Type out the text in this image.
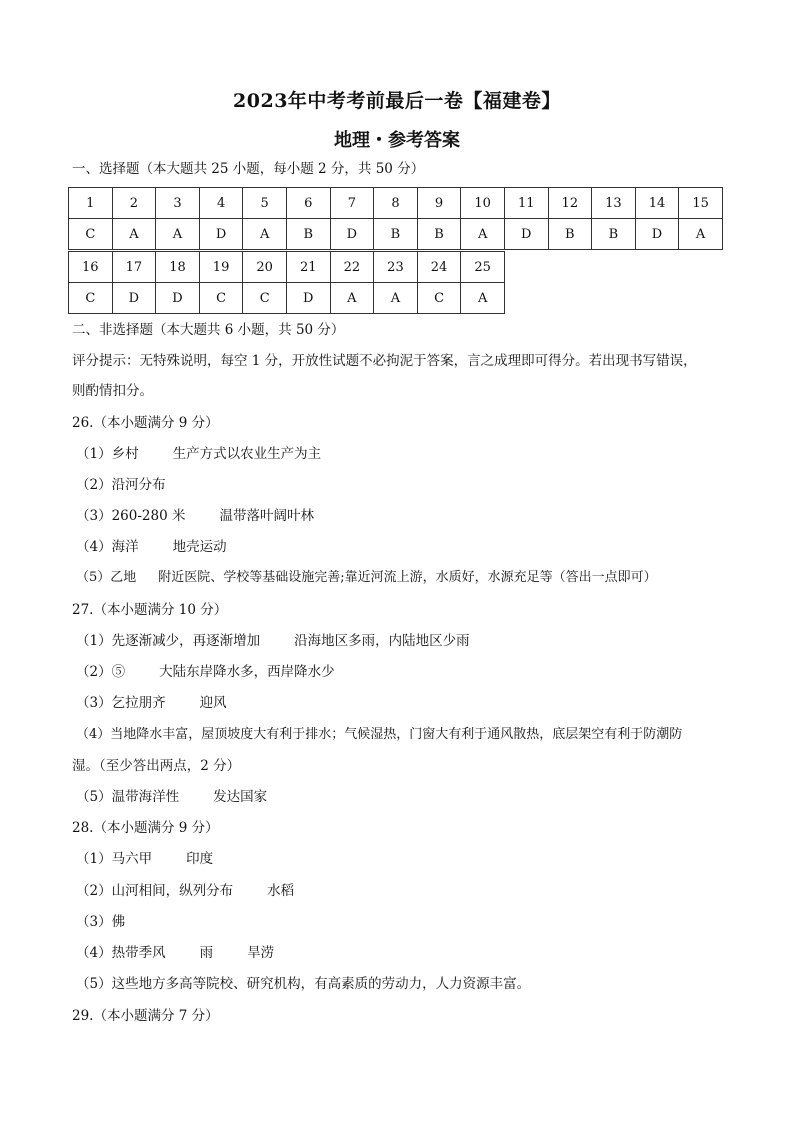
2023年中考考前最后一卷【福建卷】
地理・参考答案
一、选择题（本大题共 25 小题，每小题 2 分，共 50 分）
1	2	3	4	5	6	7	8	9	10	11	12	13	14	15
C	A	A	D	A	B	D	B	B	A	D	B	B	D	A
16	17	18	19	20	21	22	23	24	25
C	D	D	C	C	D	A	A	C	A
二、非选择题（本大题共 6 小题，共 50 分）
评分提示：无特殊说明，每空 1 分，开放性试题不必拘泥于答案，言之成理即可得分。若出现书写错误，
则酌情扣分。
26.（本小题满分 9 分）
（1）乡村	生产方式以农业生产为主
（2）沿河分布
（3）260-280 米	温带落叶阔叶林
（4）海洋	地壳运动
（5）乙地 附近医院、学校等基础设施完善;靠近河流上游，水质好，水源充足等（答出一点即可）
27.（本小题满分 10 分）
（1）先逐渐减少，再逐渐增加	沿海地区多雨，内陆地区少雨
（2）⑤	大陆东岸降水多，西岸降水少
（3）乞拉朋齐	迎风
（4）当地降水丰富，屋顶坡度大有利于排水；气候湿热，门窗大有利于通风散热，底层架空有利于防潮防
湿。（至少答出两点，2 分）
（5）温带海洋性	发达国家
28.（本小题满分 9 分）
（1）马六甲	印度
（2）山河相间，纵列分布	水稻
（3）佛
（4）热带季风	雨	旱涝
（5）这些地方多高等院校、研究机构，有高素质的劳动力，人力资源丰富。
29.（本小题满分 7 分）
